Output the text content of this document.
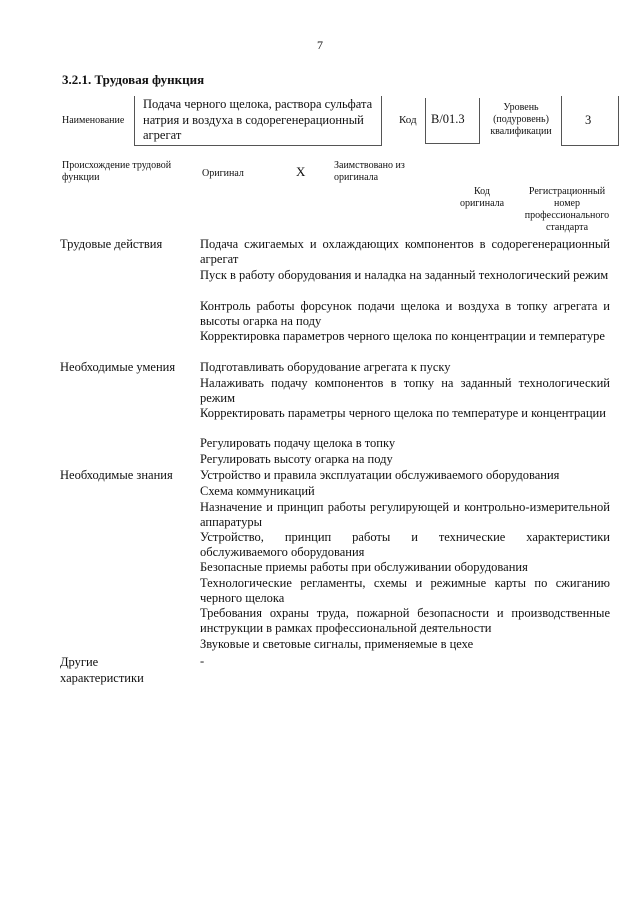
7
3.2.1. Трудовая функция
Наименование
Подача черного щелока, раствора сульфата натрия и воздуха в содорегенерационный агрегат
Код B/01.3
Уровень
(подуровень)
квалификации
3
Происхождение трудовой функции	Оригинал	X	Заимствовано из оригинала
Код оригинала
Регистрационный номер профессионального стандарта
Трудовые действия	Подача сжигаемых и охлаждающих компонентов в содорегенерационный агрегат
Пуск в работу оборудования и наладка на заданный технологический режим
Контроль работы форсунок подачи щелока и воздуха в топку агрегата и высоты огарка на поду
Корректировка параметров черного щелока по концентрации и температуре
Необходимые умения Подготавливать оборудование агрегата к пуску
Налаживать подачу компонентов в топку на заданный технологический режим
Корректировать параметры черного щелока по температуре и концентрации
Регулировать подачу щелока в топку
Регулировать высоту огарка на поду
Необходимые знания Устройство и правила эксплуатации обслуживаемого оборудования
Схема коммуникаций
Назначение и принцип работы регулирующей и контрольно-измерительной аппаратуры
Устройство, принцип работы и технические характеристики обслуживаемого оборудования
Безопасные приемы работы при обслуживании оборудования
Технологические регламенты, схемы и режимные карты по сжиганию черного щелока
Требования охраны труда, пожарной безопасности и производственные инструкции в рамках профессиональной деятельности
Звуковые и световые сигналы, применяемые в цехе
Другие
характеристики
-
